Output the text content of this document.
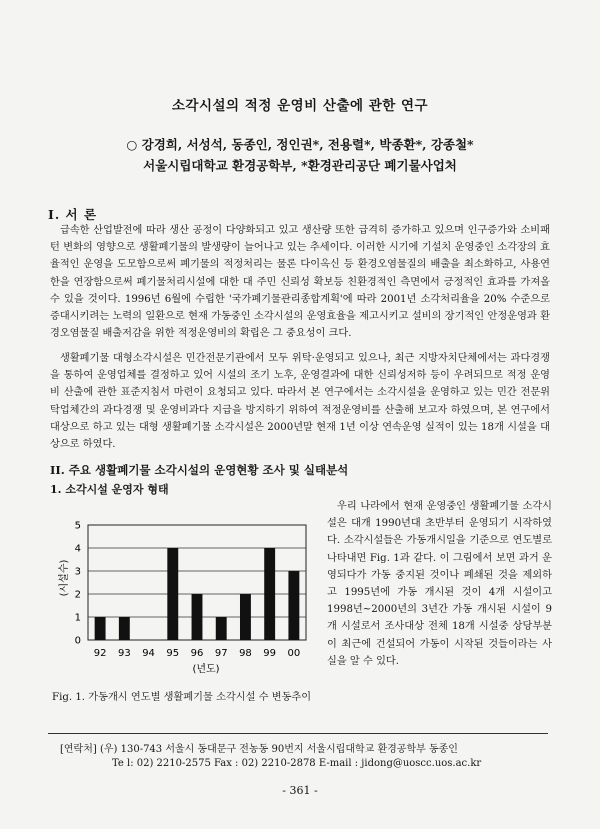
소각시설의 적정 운영비 산출에 관한 연구
○ 강경희, 서성석, 동종인, 정인권*, 전용렬*, 박종환*, 강종철*
서울시립대학교 환경공학부, *환경관리공단 폐기물사업처
I. 서 론

급속한 산업발전에 따라 생산 공정이 다양화되고 있고 생산량 또한 급격히 증가하고 있으며 인구증가와 소비패턴 변화의 영향으로 생활폐기물의 발생량이 늘어나고 있는 추세이다. 이러한 시기에 기설치 운영중인 소각장의 효율적인 운영을 도모함으로써 폐기물의 적정처리는 물론 다이옥신 등 환경오염물질의 배출을 최소화하고, 사용연한을 연장함으로써 폐기물처리시설에 대한 대 주민 신뢰성 확보등 친환경적인 측면에서 긍정적인 효과를 가져올 수 있을 것이다. 1996년 6월에 수립한 '국가폐기물관리종합계획'에 따라 2001년 소각처리율을 20% 수준으로 증대시키려는 노력의 일환으로 현재 가동중인 소각시설의 운영효율을 제고시키고 설비의 장기적인 안정운영과 환경오염물질 배출저감을 위한 적정운영비의 확립은 그 중요성이 크다.

생활폐기물 대형소각시설은 민간전문기관에서 모두 위탁·운영되고 있으나, 최근 지방자치단체에서는 과다경쟁을 통하여 운영업체를 결정하고 있어 시설의 조기 노후, 운영결과에 대한 신뢰성저하 등이 우려되므로 적정 운영비 산출에 관한 표준지침서 마련이 요청되고 있다. 따라서 본 연구에서는 소각시설을 운영하고 있는 민간 전문위탁업체간의 과다경쟁 및 운영비과다 지급을 방지하기 위하여 적정운영비를 산출해 보고자 하였으며, 본 연구에서 대상으로 하고 있는 대형 생활폐기물 소각시설은 2000년말 현재 1년 이상 연속운영 실적이 있는 18개 시설을 대상으로 하였다.

II. 주요 생활폐기물 소각시설의 운영현황 조사 및 실태분석
1. 소각시설 운영자 형태
0
1
2
3
4
5
92 93 94 95 96 97 98 99 00
(시설수)
(년도)

우리 나라에서 현재 운영중인 생활폐기물 소각시설은 대개 1990년대 초반부터 운영되기 시작하였다. 소각시설들은 가동개시일을 기준으로 연도별로 나타내면 Fig. 1과 같다. 이 그림에서 보면 과거 운영되다가 가동 중지된 것이나 폐쇄된 것을 제외하고 1995년에 가동 개시된 것이 4개 시설이고 1998년~2000년의 3년간 가동 개시된 시설이 9개 시설로서 조사대상 전체 18개 시설중 상당부분이 최근에 건설되어 가동이 시작된 것들이라는 사실을 알 수 있다.

Fig. 1. 가동개시 연도별 생활폐기물 소각시설 수 변동추이
[연락처] (우) 130-743 서울시 동대문구 전농동 90번지 서울시립대학교 환경공학부 동종인
Te l: 02) 2210-2575 Fax : 02) 2210-2878 E-mail : jidong@uoscc.uos.ac.kr
- 361 -
